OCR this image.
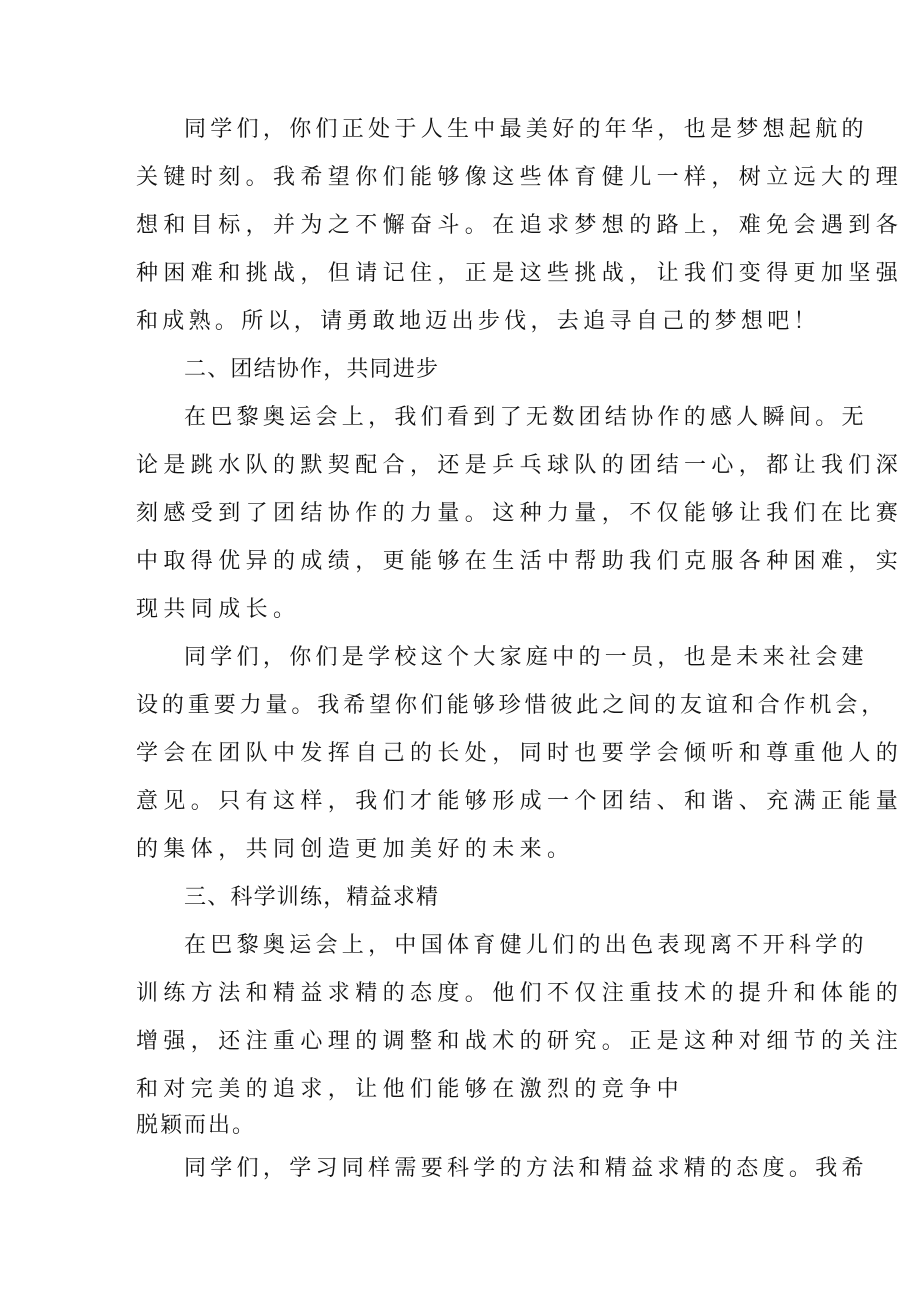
同学们，你们正处于人生中最美好的年华，也是梦想起航的
关键时刻。我希望你们能够像这些体育健儿一样，树立远大的理
想和目标，并为之不懈奋斗。在追求梦想的路上，难免会遇到各
种困难和挑战，但请记住，正是这些挑战，让我们变得更加坚强
和成熟。所以，请勇敢地迈出步伐，去追寻自己的梦想吧！
二、团结协作，共同进步
在巴黎奥运会上，我们看到了无数团结协作的感人瞬间。无
论是跳水队的默契配合，还是乒乓球队的团结一心，都让我们深
刻感受到了团结协作的力量。这种力量，不仅能够让我们在比赛
中取得优异的成绩，更能够在生活中帮助我们克服各种困难，实
现共同成长。
同学们，你们是学校这个大家庭中的一员，也是未来社会建
设的重要力量。我希望你们能够珍惜彼此之间的友谊和合作机会，
学会在团队中发挥自己的长处，同时也要学会倾听和尊重他人的
意见。只有这样，我们才能够形成一个团结、和谐、充满正能量
的集体，共同创造更加美好的未来。
三、科学训练，精益求精
在巴黎奥运会上，中国体育健儿们的出色表现离不开科学的
训练方法和精益求精的态度。他们不仅注重技术的提升和体能的
增强，还注重心理的调整和战术的研究。正是这种对细节的关注
和对完美的追求，让他们能够在激烈的竞争中
脱颖而出。
同学们，学习同样需要科学的方法和精益求精的态度。我希
